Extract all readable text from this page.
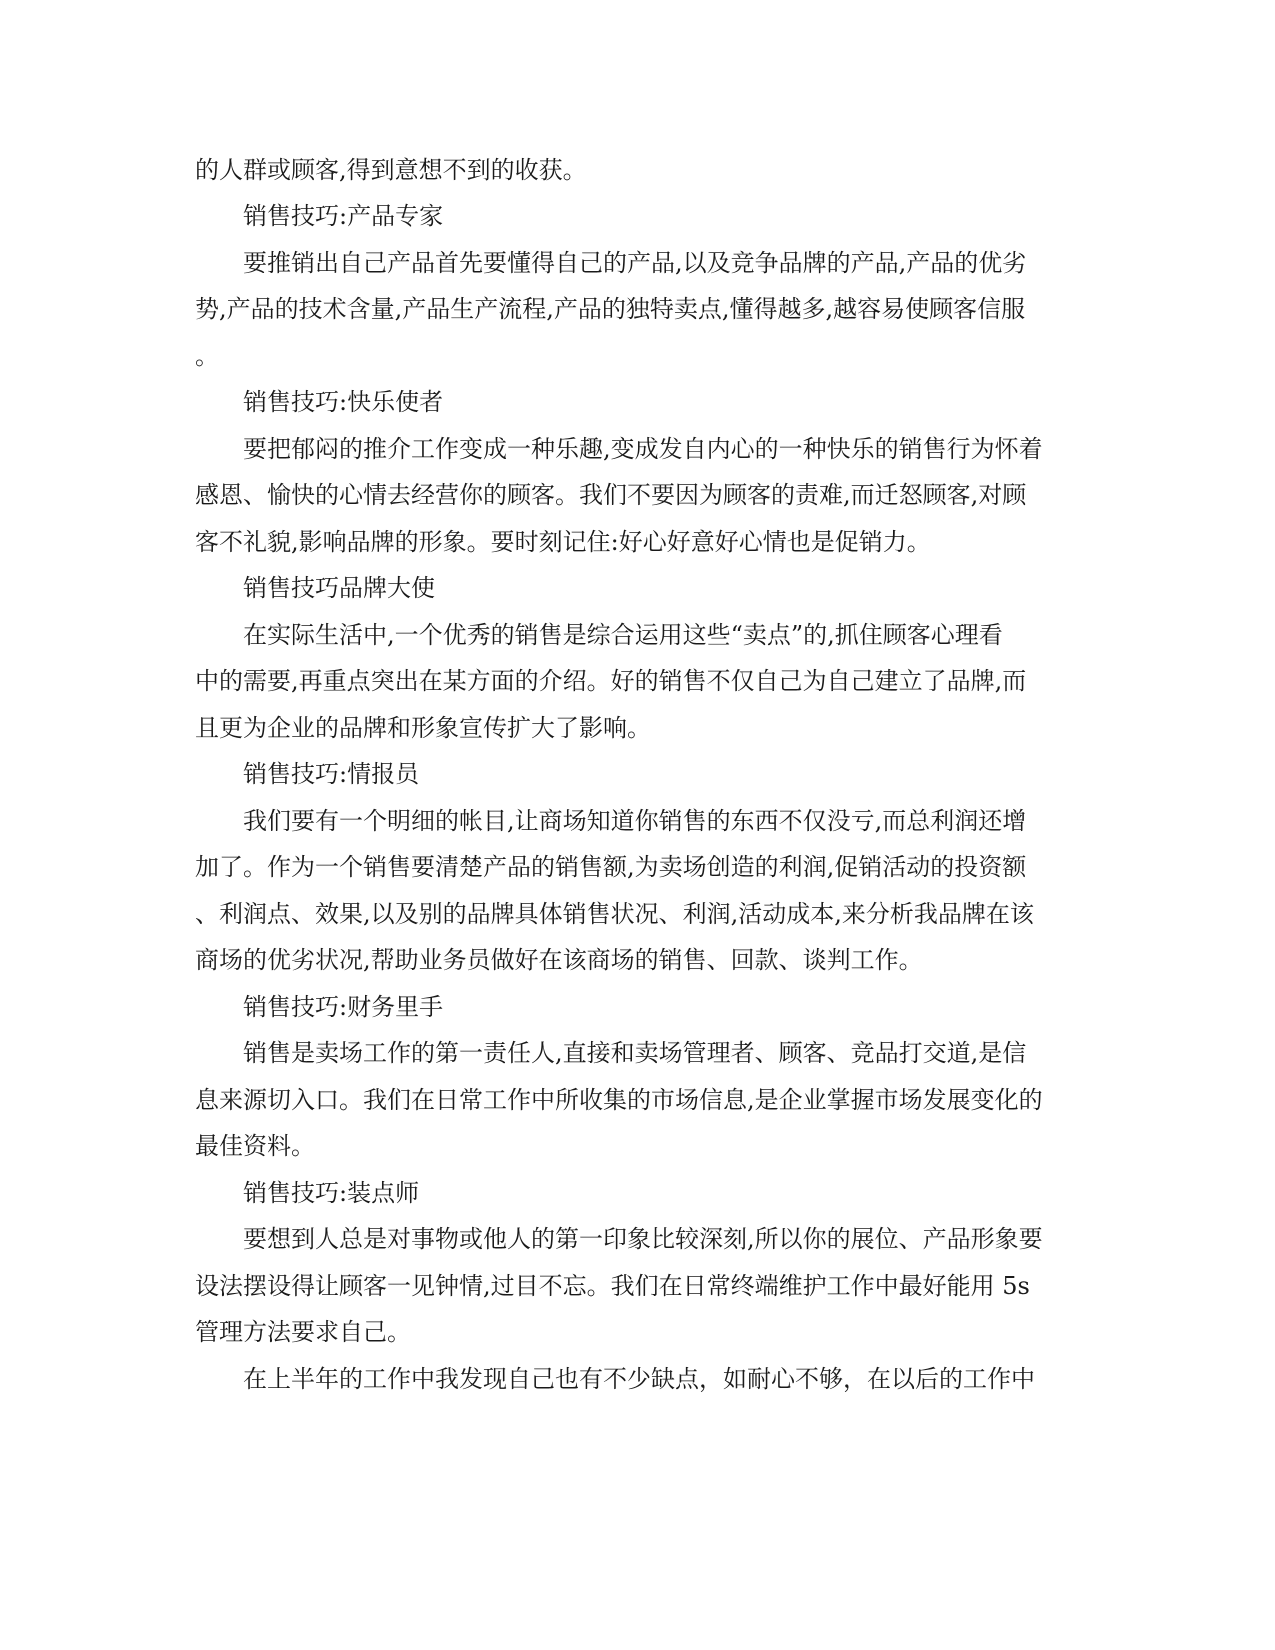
的人群或顾客,得到意想不到的收获。
销售技巧:产品专家
要推销出自己产品首先要懂得自己的产品,以及竞争品牌的产品,产品的优劣
势,产品的技术含量,产品生产流程,产品的独特卖点,懂得越多,越容易使顾客信服
。
销售技巧:快乐使者
要把郁闷的推介工作变成一种乐趣,变成发自内心的一种快乐的销售行为怀着
感恩、愉快的心情去经营你的顾客。我们不要因为顾客的责难,而迁怒顾客,对顾
客不礼貌,影响品牌的形象。要时刻记住:好心好意好心情也是促销力。
销售技巧品牌大使
在实际生活中,一个优秀的销售是综合运用这些“卖点”的,抓住顾客心理看
中的需要,再重点突出在某方面的介绍。好的销售不仅自己为自己建立了品牌,而
且更为企业的品牌和形象宣传扩大了影响。
销售技巧:情报员
我们要有一个明细的帐目,让商场知道你销售的东西不仅没亏,而总利润还增
加了。作为一个销售要清楚产品的销售额,为卖场创造的利润,促销活动的投资额
、利润点、效果,以及别的品牌具体销售状况、利润,活动成本,来分析我品牌在该
商场的优劣状况,帮助业务员做好在该商场的销售、回款、谈判工作。
销售技巧:财务里手
销售是卖场工作的第一责任人,直接和卖场管理者、顾客、竞品打交道,是信
息来源切入口。我们在日常工作中所收集的市场信息,是企业掌握市场发展变化的
最佳资料。
销售技巧:装点师
要想到人总是对事物或他人的第一印象比较深刻,所以你的展位、产品形象要
设法摆设得让顾客一见钟情,过目不忘。我们在日常终端维护工作中最好能用 5s
管理方法要求自己。
在上半年的工作中我发现自己也有不少缺点，如耐心不够，在以后的工作中
